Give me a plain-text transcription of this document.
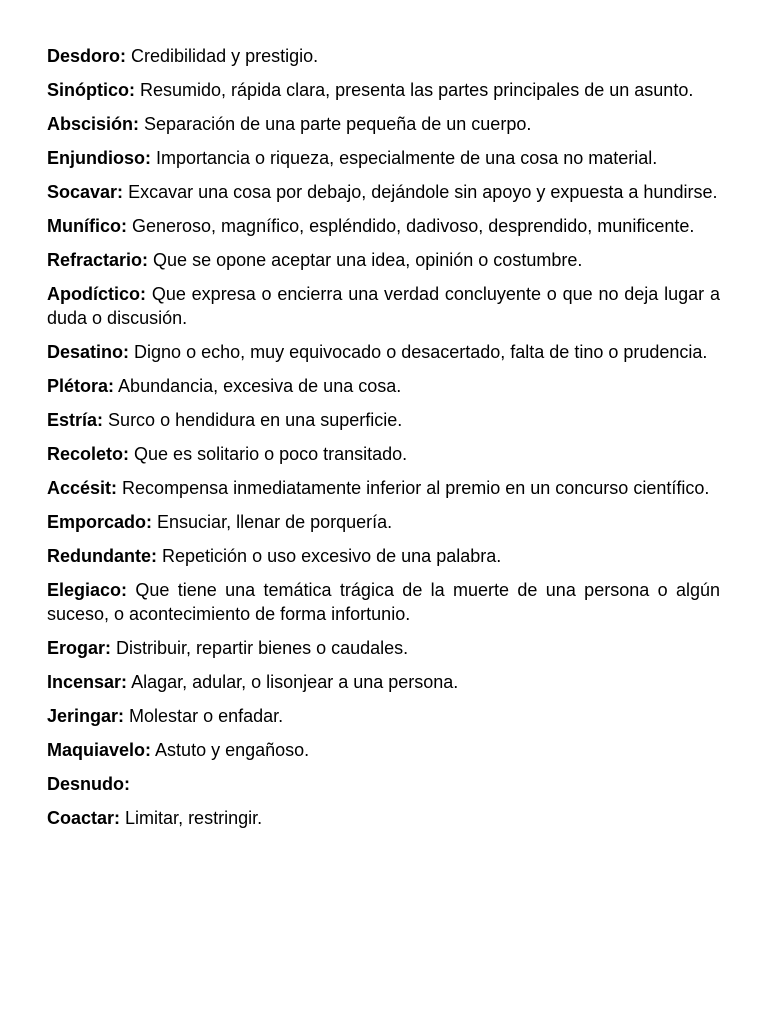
Desdoro: Credibilidad y prestigio.

Sinóptico: Resumido, rápida clara, presenta las partes principales de un asunto.

Abscisión: Separación de una parte pequeña de un cuerpo.

Enjundioso: Importancia o riqueza, especialmente de una cosa no material.

Socavar: Excavar una cosa por debajo, dejándole sin apoyo y expuesta a hundirse.

Munífico: Generoso, magnífico, espléndido, dadivoso, desprendido, munificente.

Refractario: Que se opone aceptar una idea, opinión o costumbre.

Apodíctico: Que expresa o encierra una verdad concluyente o que no deja lugar a duda o discusión.

Desatino: Digno o echo, muy equivocado o desacertado, falta de tino o prudencia.

Plétora: Abundancia, excesiva de una cosa.

Estría: Surco o hendidura en una superficie.

Recoleto: Que es solitario o poco transitado.

Accésit: Recompensa inmediatamente inferior al premio en un concurso científico.

Emporcado: Ensuciar, llenar de porquería.

Redundante: Repetición o uso excesivo de una palabra.

Elegiaco: Que tiene una temática trágica de la muerte de una persona o algún suceso, o acontecimiento de forma infortunio.

Erogar: Distribuir, repartir bienes o caudales.

Incensar: Alagar, adular, o lisonjear a una persona.

Jeringar: Molestar o enfadar.

Maquiavelo: Astuto y engañoso.

Desnudo:

Coactar: Limitar, restringir.
